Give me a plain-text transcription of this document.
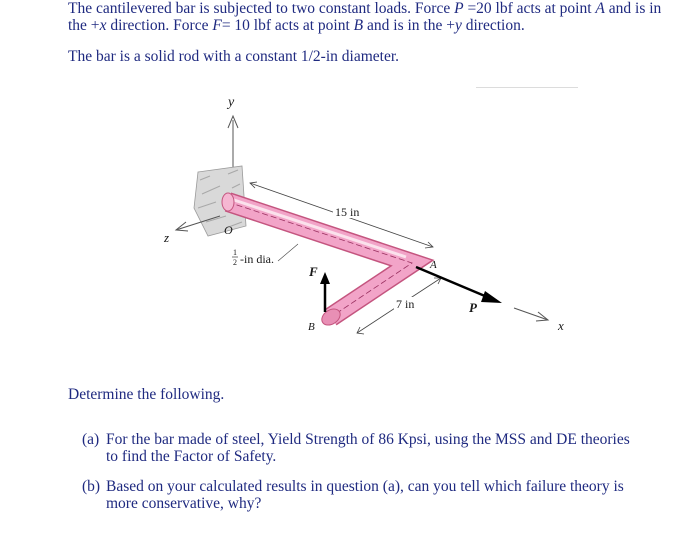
The cantilevered bar is subjected to two constant loads. Force P =20 lbf acts at point A and is in the +x direction. Force F= 10 lbf acts at point B and is in the +y direction.

The bar is a solid rod with a constant 1/2-in diameter.

y
z	O
15 in
1
2 -in dia.
F
B
A
7 in	P
x

Determine the following.

(a) For the bar made of steel, Yield Strength of 86 Kpsi, using the MSS and DE theories to find the Factor of Safety.
(b) Based on your calculated results in question (a), can you tell which failure theory is more conservative, why?
